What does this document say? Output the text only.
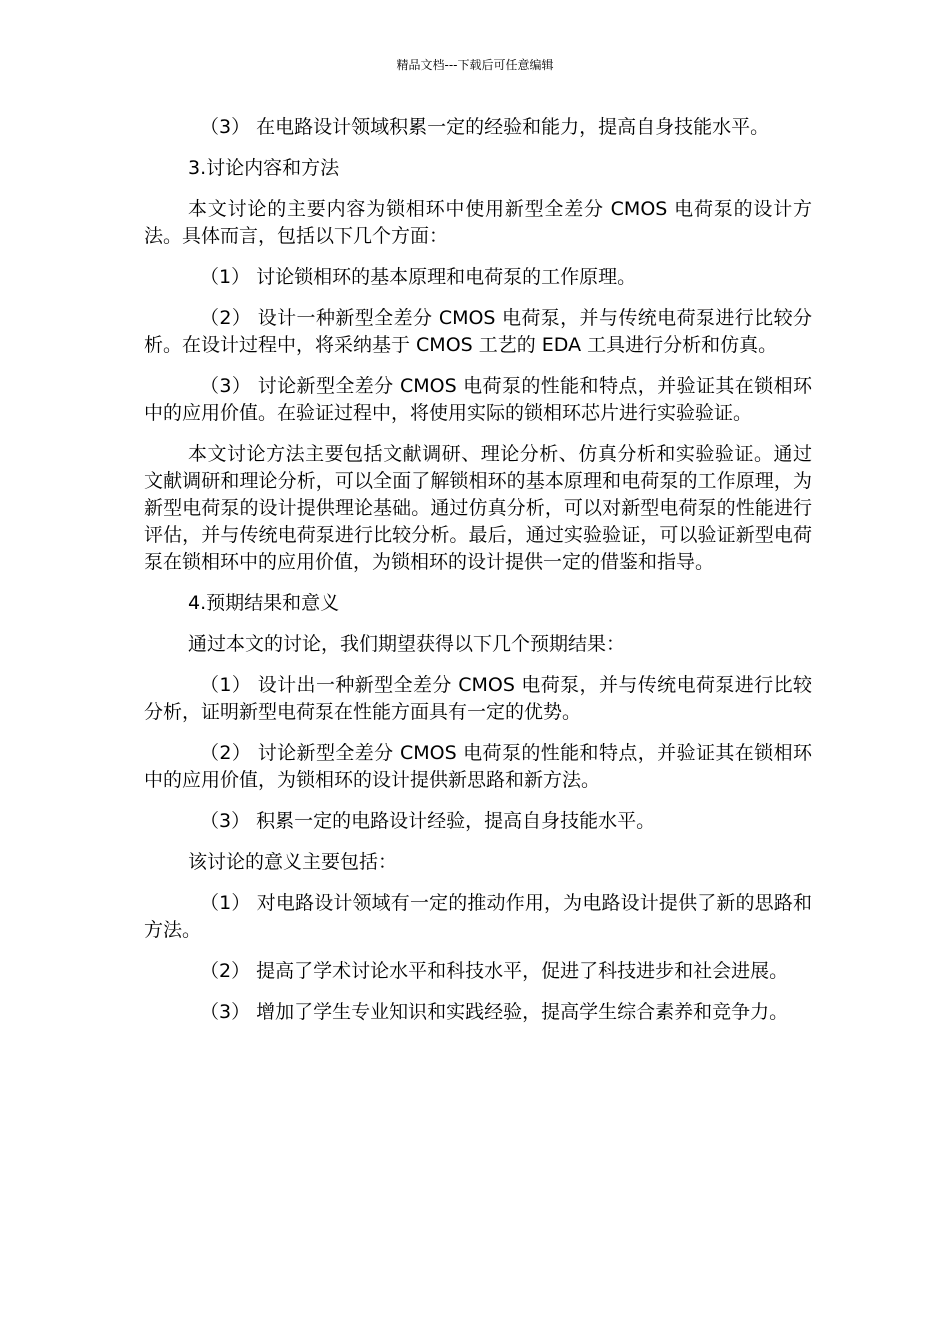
精品文档---下载后可任意编辑

（3） 在电路设计领域积累一定的经验和能力，提高自身技能水平。

3.讨论内容和方法

本文讨论的主要内容为锁相环中使用新型全差分 CMOS 电荷泵的设计方法。具体而言，包括以下几个方面：

（1） 讨论锁相环的基本原理和电荷泵的工作原理。

（2） 设计一种新型全差分 CMOS 电荷泵，并与传统电荷泵进行比较分析。在设计过程中，将采纳基于 CMOS 工艺的 EDA 工具进行分析和仿真。

（3） 讨论新型全差分 CMOS 电荷泵的性能和特点，并验证其在锁相环中的应用价值。在验证过程中，将使用实际的锁相环芯片进行实验验证。

本文讨论方法主要包括文献调研、理论分析、仿真分析和实验验证。通过文献调研和理论分析，可以全面了解锁相环的基本原理和电荷泵的工作原理，为新型电荷泵的设计提供理论基础。通过仿真分析，可以对新型电荷泵的性能进行评估，并与传统电荷泵进行比较分析。最后，通过实验验证，可以验证新型电荷泵在锁相环中的应用价值，为锁相环的设计提供一定的借鉴和指导。

4.预期结果和意义

通过本文的讨论，我们期望获得以下几个预期结果：

（1） 设计出一种新型全差分 CMOS 电荷泵，并与传统电荷泵进行比较分析，证明新型电荷泵在性能方面具有一定的优势。

（2） 讨论新型全差分 CMOS 电荷泵的性能和特点，并验证其在锁相环中的应用价值，为锁相环的设计提供新思路和新方法。

（3） 积累一定的电路设计经验，提高自身技能水平。

该讨论的意义主要包括：

（1） 对电路设计领域有一定的推动作用，为电路设计提供了新的思路和方法。

（2） 提高了学术讨论水平和科技水平，促进了科技进步和社会进展。

（3） 增加了学生专业知识和实践经验，提高学生综合素养和竞争力。
